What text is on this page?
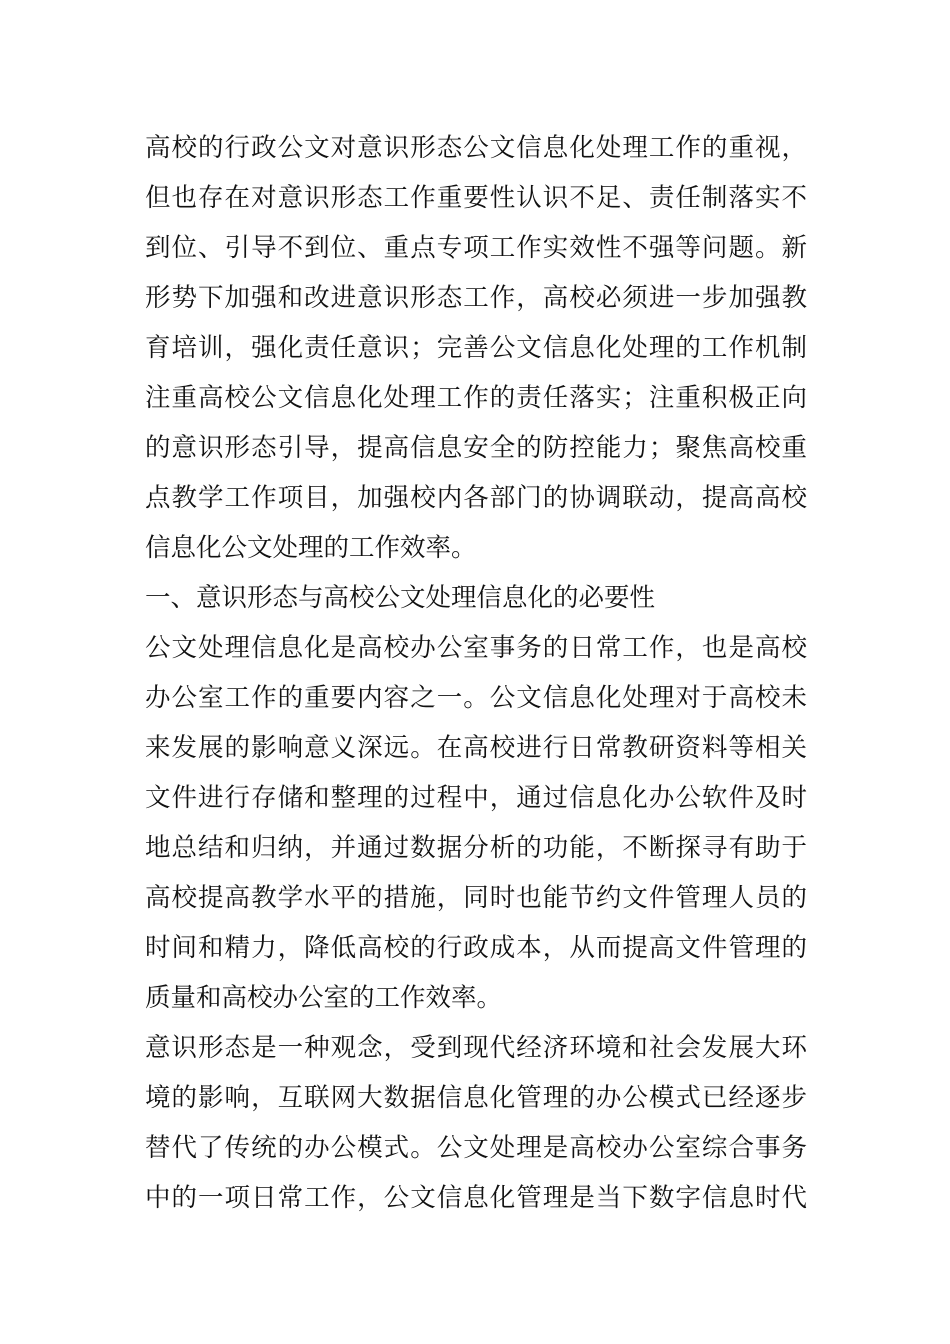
高校的行政公文对意识形态公文信息化处理工作的重视，
但也存在对意识形态工作重要性认识不足、责任制落实不
到位、引导不到位、重点专项工作实效性不强等问题。新
形势下加强和改进意识形态工作，高校必须进一步加强教
育培训，强化责任意识；完善公文信息化处理的工作机制
注重高校公文信息化处理工作的责任落实；注重积极正向
的意识形态引导，提高信息安全的防控能力；聚焦高校重
点教学工作项目，加强校内各部门的协调联动，提高高校
信息化公文处理的工作效率。
一、意识形态与高校公文处理信息化的必要性
公文处理信息化是高校办公室事务的日常工作，也是高校
办公室工作的重要内容之一。公文信息化处理对于高校未
来发展的影响意义深远。在高校进行日常教研资料等相关
文件进行存储和整理的过程中，通过信息化办公软件及时
地总结和归纳，并通过数据分析的功能，不断探寻有助于
高校提高教学水平的措施，同时也能节约文件管理人员的
时间和精力，降低高校的行政成本，从而提高文件管理的
质量和高校办公室的工作效率。
意识形态是一种观念，受到现代经济环境和社会发展大环
境的影响，互联网大数据信息化管理的办公模式已经逐步
替代了传统的办公模式。公文处理是高校办公室综合事务
中的一项日常工作，公文信息化管理是当下数字信息时代
